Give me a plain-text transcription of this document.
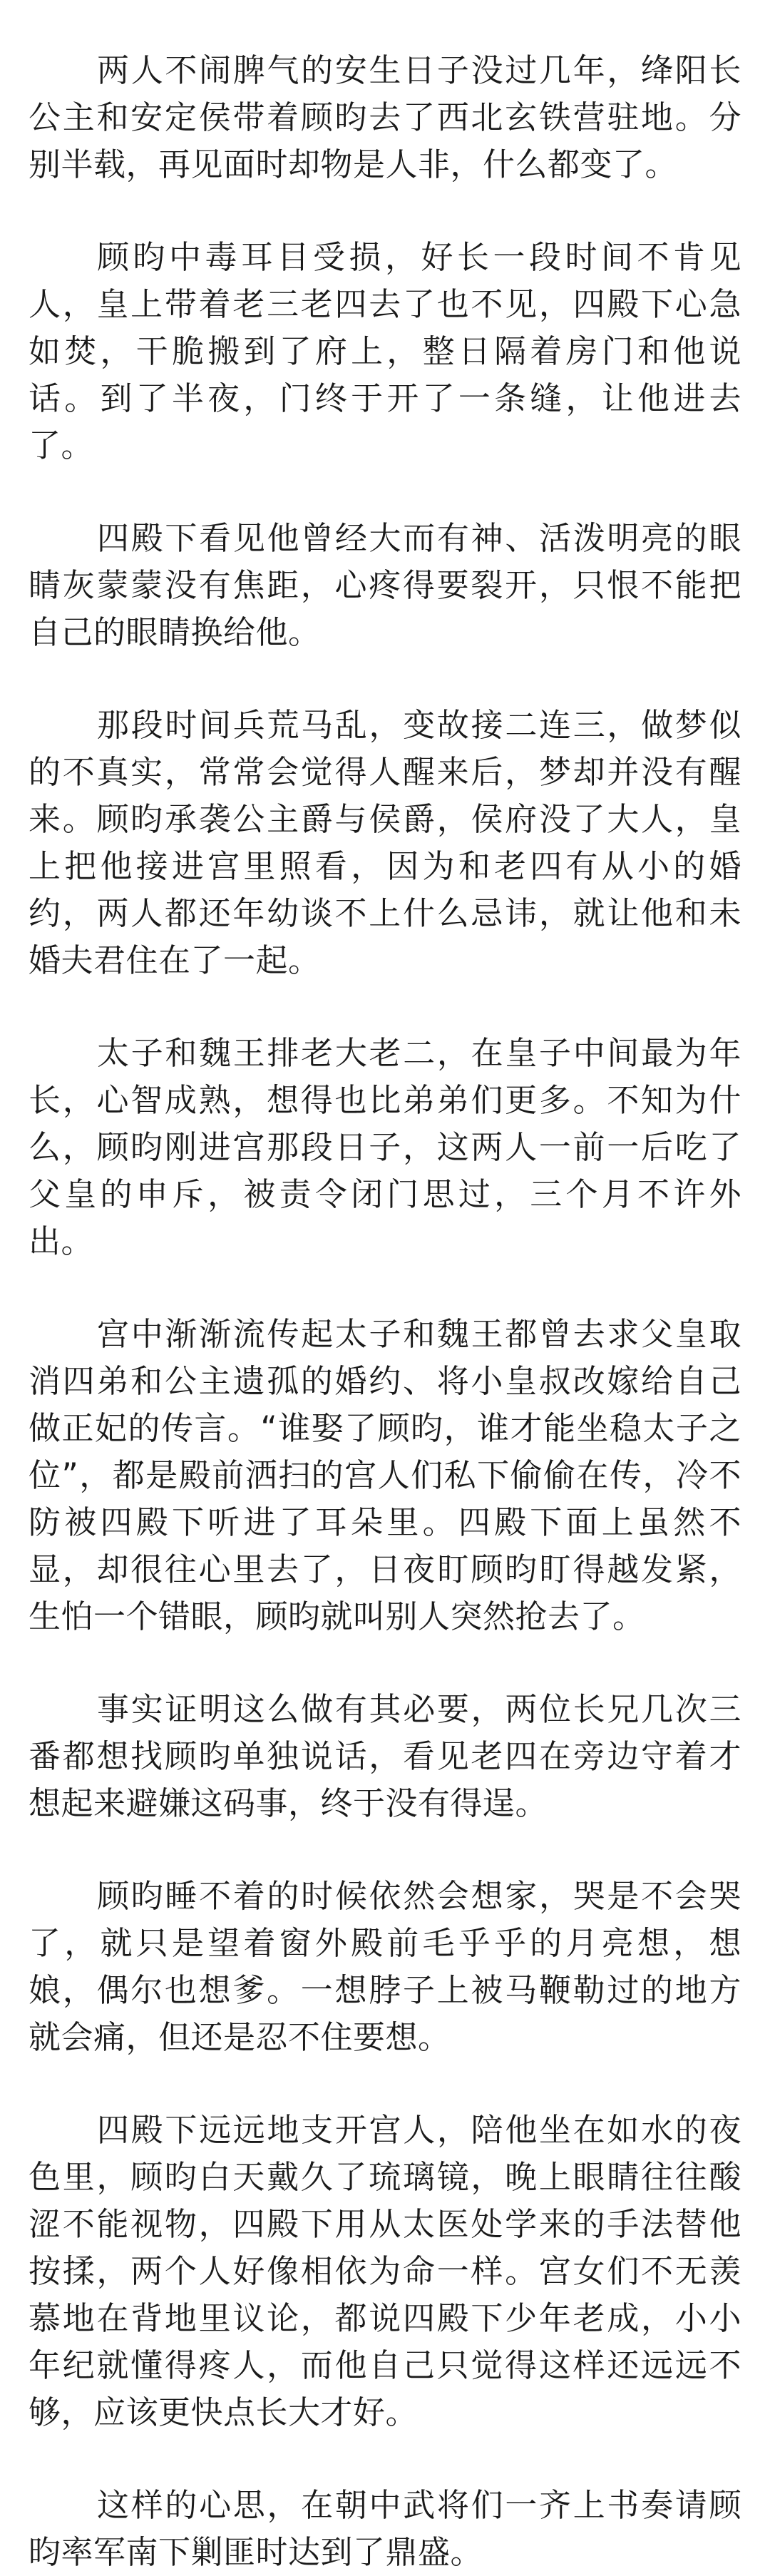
两人不闹脾气的安生日子没过几年，绛阳长公主和安定侯带着顾昀去了西北玄铁营驻地。分别半载，再见面时却物是人非，什么都变了。

顾昀中毒耳目受损，好长一段时间不肯见人，皇上带着老三老四去了也不见，四殿下心急如焚，干脆搬到了府上，整日隔着房门和他说话。到了半夜，门终于开了一条缝，让他进去了。

四殿下看见他曾经大而有神、活泼明亮的眼睛灰蒙蒙没有焦距，心疼得要裂开，只恨不能把自己的眼睛换给他。

那段时间兵荒马乱，变故接二连三，做梦似的不真实，常常会觉得人醒来后，梦却并没有醒来。顾昀承袭公主爵与侯爵，侯府没了大人，皇上把他接进宫里照看，因为和老四有从小的婚约，两人都还年幼谈不上什么忌讳，就让他和未婚夫君住在了一起。

太子和魏王排老大老二，在皇子中间最为年长，心智成熟，想得也比弟弟们更多。不知为什么，顾昀刚进宫那段日子，这两人一前一后吃了父皇的申斥，被责令闭门思过，三个月不许外出。

宫中渐渐流传起太子和魏王都曾去求父皇取消四弟和公主遗孤的婚约、将小皇叔改嫁给自己做正妃的传言。“谁娶了顾昀，谁才能坐稳太子之位”，都是殿前洒扫的宫人们私下偷偷在传，冷不防被四殿下听进了耳朵里。四殿下面上虽然不显，却很往心里去了，日夜盯顾昀盯得越发紧，生怕一个错眼，顾昀就叫别人突然抢去了。

事实证明这么做有其必要，两位长兄几次三番都想找顾昀单独说话，看见老四在旁边守着才想起来避嫌这码事，终于没有得逞。

顾昀睡不着的时候依然会想家，哭是不会哭了，就只是望着窗外殿前毛乎乎的月亮想，想娘，偶尔也想爹。一想脖子上被马鞭勒过的地方就会痛，但还是忍不住要想。

四殿下远远地支开宫人，陪他坐在如水的夜色里，顾昀白天戴久了琉璃镜，晚上眼睛往往酸涩不能视物，四殿下用从太医处学来的手法替他按揉，两个人好像相依为命一样。宫女们不无羡慕地在背地里议论，都说四殿下少年老成，小小年纪就懂得疼人，而他自己只觉得这样还远远不够，应该更快点长大才好。

这样的心思，在朝中武将们一齐上书奏请顾昀率军南下剿匪时达到了鼎盛。
